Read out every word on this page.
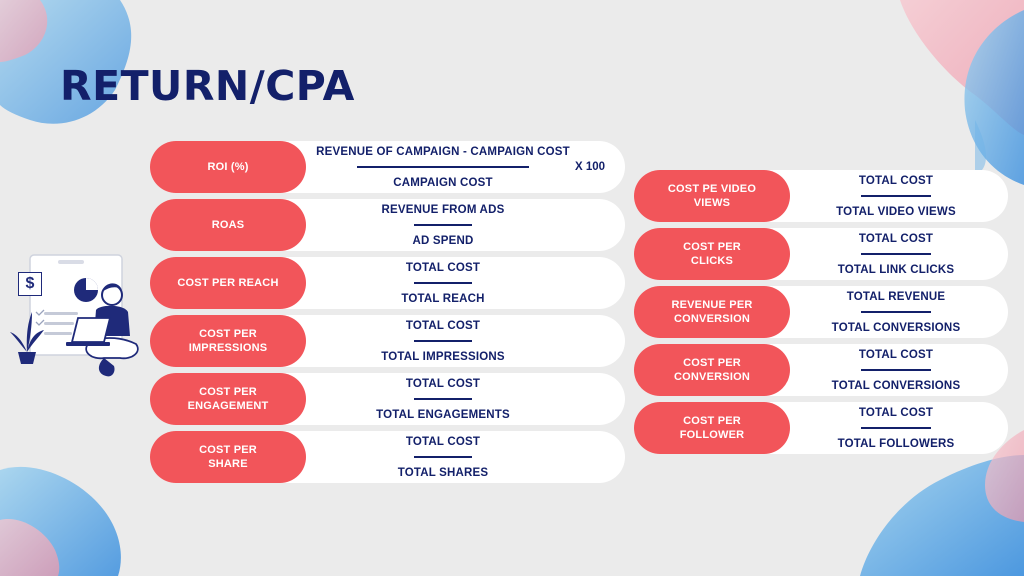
RETURN/CPA
ROI (%)
REVENUE OF CAMPAIGN - CAMPAIGN COST
CAMPAIGN COST
X 100
ROAS
REVENUE FROM ADS
AD SPEND
COST PER REACH
TOTAL COST
TOTAL REACH
COST PER IMPRESSIONS
TOTAL COST
TOTAL IMPRESSIONS
COST PER ENGAGEMENT
TOTAL COST
TOTAL ENGAGEMENTS
COST PER SHARE
TOTAL COST
TOTAL SHARES
COST PE VIDEO VIEWS
TOTAL COST
TOTAL VIDEO VIEWS
COST PER CLICKS
TOTAL COST
TOTAL LINK CLICKS
REVENUE PER CONVERSION
TOTAL REVENUE
TOTAL CONVERSIONS
COST PER CONVERSION
TOTAL COST
TOTAL CONVERSIONS
COST PER FOLLOWER
TOTAL COST
TOTAL FOLLOWERS
$
